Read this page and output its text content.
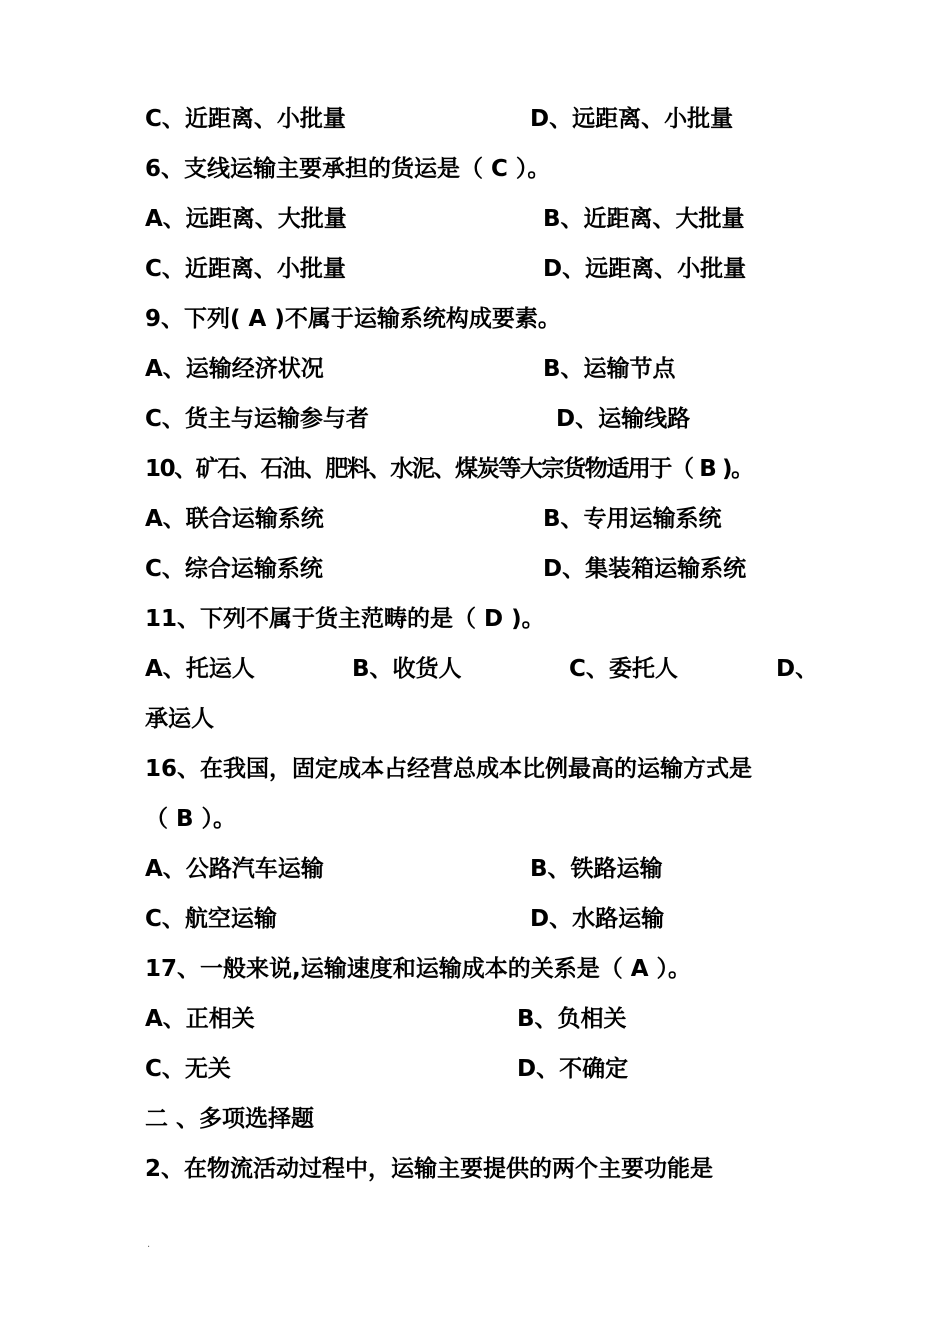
C、近距离、小批量	D、远距离、小批量
6、支线运输主要承担的货运是（ C ）。
A、远距离、大批量	B、近距离、大批量
C、近距离、小批量	D、远距离、小批量
9、下列( A )不属于运输系统构成要素。
A、运输经济状况	B、运输节点
C、货主与运输参与者	D、运输线路
10、矿石、石油、肥料、水泥、煤炭等大宗货物适用于（ B )。
A、联合运输系统	B、专用运输系统
C、综合运输系统	D、集装箱运输系统
11、下列不属于货主范畴的是（ D )。
A、托运人	B、收货人	C、委托人	D、
承运人
16、在我国，固定成本占经营总成本比例最高的运输方式是
（ B ）。
A、公路汽车运输	B、铁路运输
C、航空运输	D、水路运输
17、一般来说,运输速度和运输成本的关系是（ A ）。
A、正相关	B、负相关
C、无关	D、不确定
二 、多项选择题
2、在物流活动过程中，运输主要提供的两个主要功能是
.
